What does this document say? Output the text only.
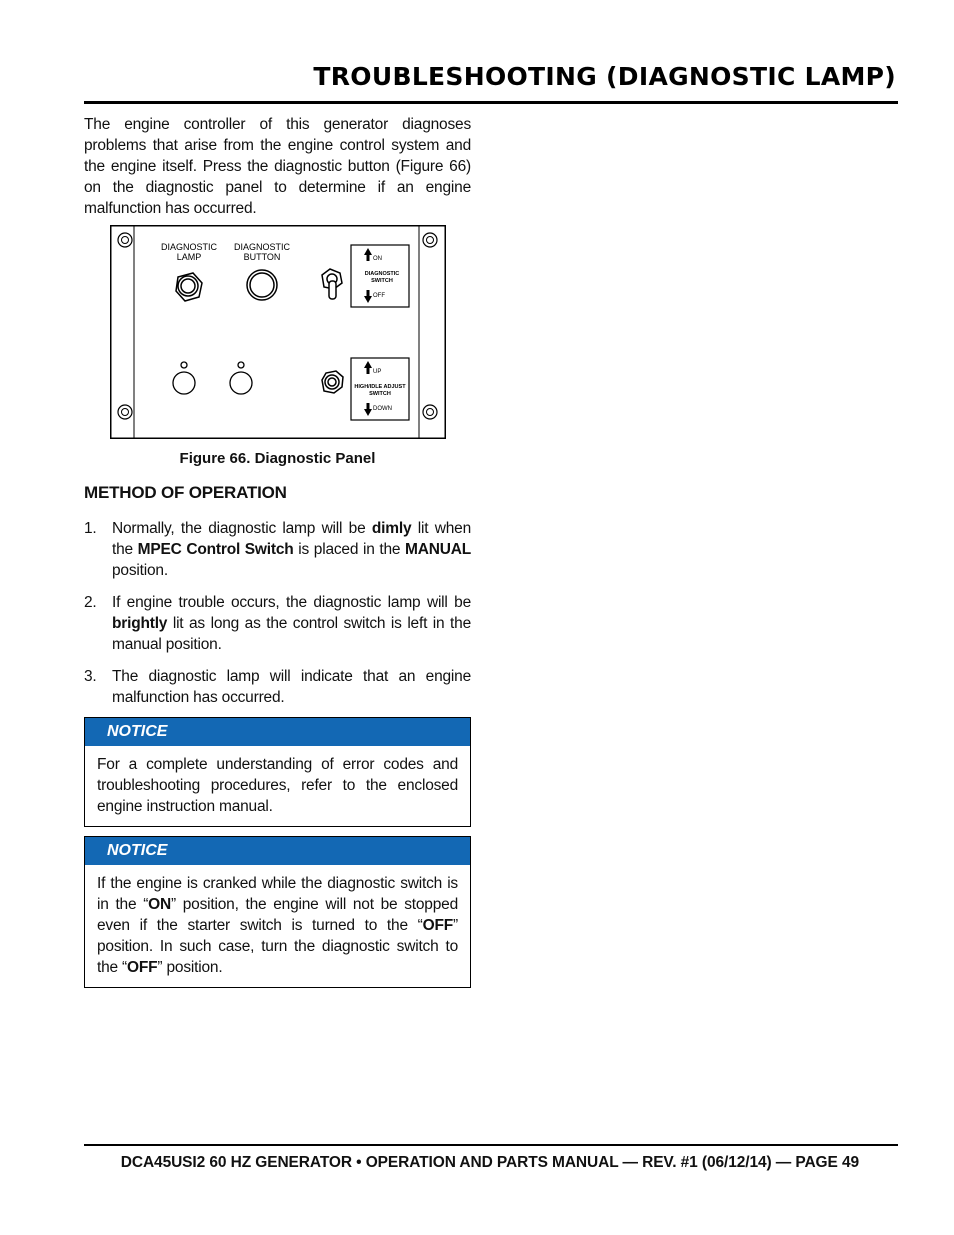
TROUBLESHOOTING (DIAGNOSTIC LAMP)
The engine controller of this generator diagnoses problems that arise from the engine control system and the engine itself. Press the diagnostic button (Figure 66) on the diagnostic panel to determine if an engine malfunction has occurred.
DIAGNOSTIC
LAMP
DIAGNOSTIC
BUTTON	ON
DIAGNOSTIC
SWITCH
OFF
UP
HIGH/IDLE ADJUST
SWITCH
DOWN
Figure 66. Diagnostic Panel
METHOD OF OPERATION
1. Normally, the diagnostic lamp will be dimly lit when the MPEC Control Switch is placed in the MANUAL position.
2. If engine trouble occurs, the diagnostic lamp will be brightly lit as long as the control switch is left in the manual position.
3. The diagnostic lamp will indicate that an engine malfunction has occurred.
NOTICE
For a complete understanding of error codes and troubleshooting procedures, refer to the enclosed engine instruction manual.
NOTICE
If the engine is cranked while the diagnostic switch is in the “ON” position, the engine will not be stopped even if the starter switch is turned to the “OFF” position. In such case, turn the diagnostic switch to the “OFF” position.
DCA45USI2 60 HZ GENERATOR • OPERATION AND PARTS MANUAL — REV. #1 (06/12/14) — PAGE 49
